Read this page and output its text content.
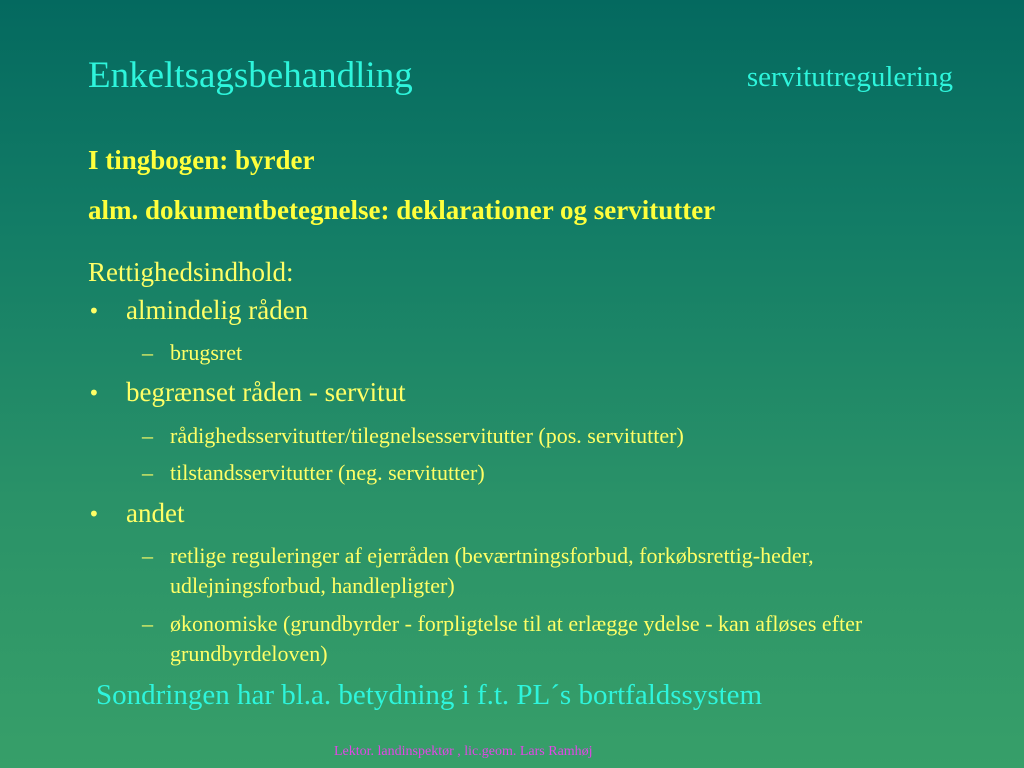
Enkeltsagsbehandling	servitutregulering
I tingbogen: byrder
alm. dokumentbetegnelse: deklarationer og servitutter
Rettighedsindhold:
• almindelig råden
– brugsret
• begrænset råden - servitut
– rådighedsservitutter/tilegnelsesservitutter (pos. servitutter)
– tilstandsservitutter (neg. servitutter)
• andet
– retlige reguleringer af ejerråden (beværtningsforbud, forkøbsrettig-heder, udlejningsforbud, handlepligter)
– økonomiske (grundbyrder - forpligtelse til at erlægge ydelse - kan afløses efter grundbyrdeloven)
Sondringen har bl.a. betydning i f.t. PL´s bortfaldssystem
Lektor. landinspektør , lic.geom. Lars Ramhøj
